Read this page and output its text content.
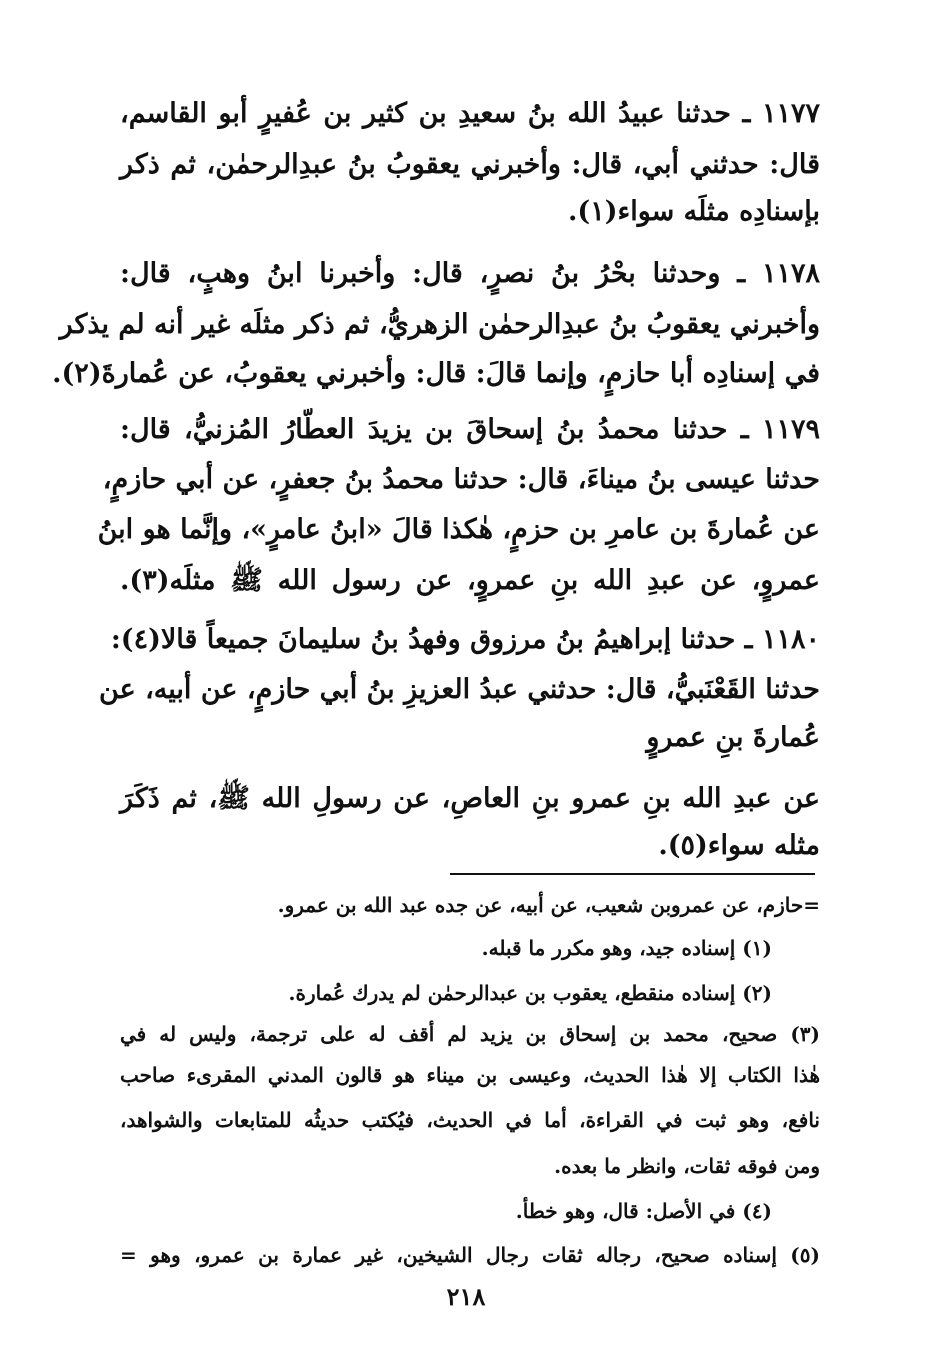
١١٧٧ ـ حدثنا عبيدُ الله بنُ سعيدِ بن كثير بن عُفيرٍ أبو القاسم،
قال: حدثني أبي، قال: وأخبرني يعقوبُ بنُ عبدِالرحمٰن، ثم ذكر
بإسنادِه مثلَه سواء(١).
١١٧٨ ـ وحدثنا بحْرُ بنُ نصرٍ، قال: وأخبرنا ابنُ وهبٍ، قال:
وأخبرني يعقوبُ بنُ عبدِالرحمٰن الزهريُّ، ثم ذكر مثلَه غير أنه لم يذكر
في إسنادِه أبا حازمٍ، وإنما قالَ: قال: وأخبرني يعقوبُ، عن عُمارةَ(٢).
١١٧٩ ـ حدثنا محمدُ بنُ إسحاقَ بن يزيدَ العطّارُ المُزنيُّ، قال:
حدثنا عيسى بنُ ميناءَ، قال: حدثنا محمدُ بنُ جعفرٍ، عن أبي حازمٍ،
عن عُمارةَ بن عامرِ بن حزمٍ، هٰكذا قالَ «ابنُ عامرٍ»، وإنَّما هو ابنُ
عمروٍ، عن عبدِ الله بنِ عمروٍ، عن رسول الله ﷺ مثلَه(٣).
١١٨٠ ـ حدثنا إبراهيمُ بنُ مرزوق وفهدُ بنُ سليمانَ جميعاً قالا(٤):
حدثنا القَعْنَبيُّ، قال: حدثني عبدُ العزيزِ بنُ أبي حازمٍ، عن أبيه، عن
عُمارةَ بنِ عمروٍ
عن عبدِ الله بنِ عمرو بنِ العاصِ، عن رسولِ الله ﷺ، ثم ذَكَرَ
مثله سواء(٥).
=حازم، عن عمروبن شعيب، عن أبيه، عن جده عبد الله بن عمرو.
(١) إسناده جيد، وهو مكرر ما قبله.
(٢) إسناده منقطع، يعقوب بن عبدالرحمٰن لم يدرك عُمارة.
(٣) صحيح، محمد بن إسحاق بن يزيد لم أقف له على ترجمة، وليس له في
هٰذا الكتاب إلا هٰذا الحديث، وعيسى بن ميناء هو قالون المدني المقرىء صاحب
نافع، وهو ثبت في القراءة، أما في الحديث، فيُكتب حديثُه للمتابعات والشواهد،
ومن فوقه ثقات، وانظر ما بعده.
(٤) في الأصل: قال، وهو خطأ.
(٥) إسناده صحيح، رجاله ثقات رجال الشيخين، غير عمارة بن عمرو، وهو =
٢١٨
